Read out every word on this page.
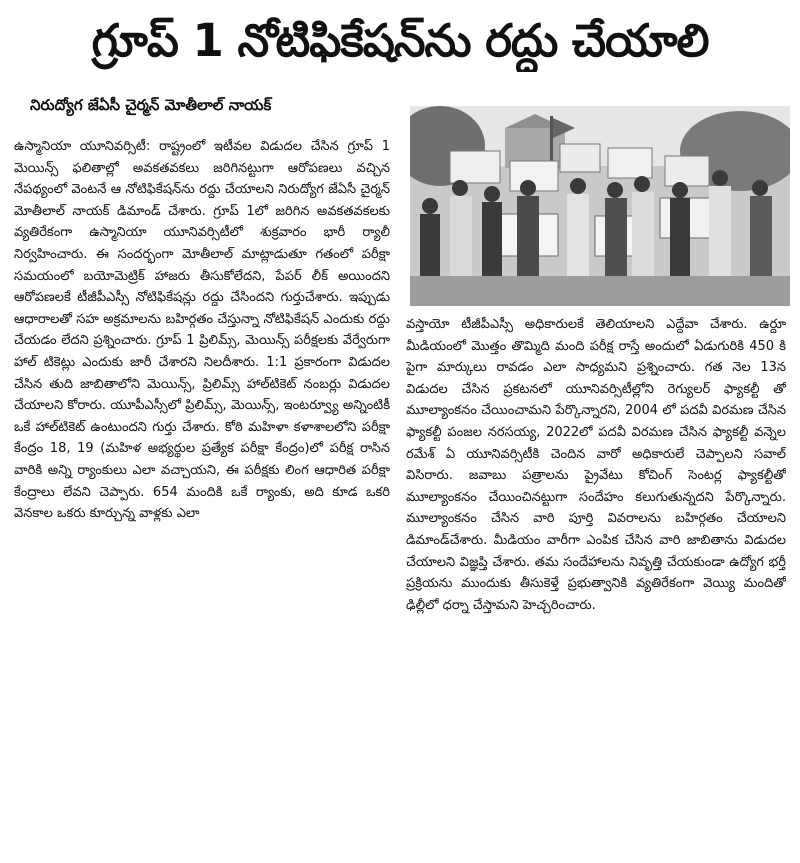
గ్రూప్ 1 నోటిఫికేషన్‌ను రద్దు చేయాలి
నిరుద్యోగ జేఏసీ చైర్మన్ మోతీలాల్ నాయక్
ఉస్మానియా యూనివర్సిటీ: రాష్ట్రంలో ఇటీవల విడుదల చేసిన గ్రూప్ 1 మెయిన్స్ ఫలితాల్లో అవకతవకలు జరిగినట్టుగా ఆరోపణలు వచ్చిన నేపథ్యంలో వెంటనే ఆ నోటిఫికేషన్‌ను రద్దు చేయాలని నిరుద్యోగ జేఏసీ చైర్మన్ మోతీలాల్ నాయక్ డిమాండ్ చేశారు. గ్రూప్ 1లో జరిగిన అవకతవకలకు వ్యతిరేకంగా ఉస్మానియా యూనివర్సిటీలో శుక్రవారం భారీ ర్యాలీ నిర్వహించారు. ఈ సందర్భంగా మోతీలాల్ మాట్లాడుతూ గతంలో పరీక్షా సమయంలో బయోమెట్రిక్ హాజరు తీసుకోలేదని, పేపర్ లీక్ అయిందని ఆరోపణలకే టీజీపీఎస్సీ నోటిఫికేషన్లు రద్దు చేసిందని గుర్తుచేశారు. ఇప్పుడు ఆధారాలతో సహ అక్రమాలను బహిర్గతం చేస్తున్నా నోటిఫికేషన్ ఎందుకు రద్దు చేయడం లేదని ప్రశ్నించారు. గ్రూప్ 1 ప్రిలిమ్స్, మెయిన్స్ పరీక్షలకు వేర్వేరుగా హాల్ టికెట్లు ఎందుకు జారీ చేశారని నిలదీశారు. 1:1 ప్రకారంగా విడుదల చేసిన తుది జాబితాలోని మెయిన్స్, ప్రిలిమ్స్ హాల్‌టికెట్ నంబర్లు విడుదల చేయాలని కోరారు. యూపీఎస్సీలో ప్రిలిమ్స్, మెయిన్స్, ఇంటర్వ్యూ అన్నింటికీ ఒకే హాల్‌టికెట్ ఉంటుందని గుర్తు చేశారు. కోఠి మహిళా కళాశాలలోని పరీక్షా కేంద్రం 18, 19 (మహిళ అభ్యర్థుల ప్రత్యేక పరీక్షా కేంద్రం)లో పరీక్ష రాసిన వారికి అన్ని ర్యాంకులు ఎలా వచ్చాయని, ఈ పరీక్షకు లింగ ఆధారిత పరీక్షా కేంద్రాలు లేవని చెప్పారు. 654 మందికి ఒకే ర్యాంకు, అది కూడ ఒకరి వెనకాల ఒకరు కూర్చున్న వాళ్లకు ఎలా
వస్తాయో టీజీపీఎస్సీ అధికారులకే తెలియాలని ఎద్దేవా చేశారు. ఉర్దూ మీడియంలో మొత్తం తొమ్మిది మంది పరీక్ష రాస్తే అందులో ఏడుగురికి 450 కి పైగా మార్కులు రావడం ఎలా సాధ్యమని ప్రశ్నించారు. గత నెల 13న విడుదల చేసిన ప్రకటనలో యూనివర్సిటీల్లోని రెగ్యులర్ ఫ్యాకల్టీ తో మూల్యాంకనం చేయించామని పేర్కొన్నారని, 2004 లో పదవీ విరమణ చేసిన ఫ్యాకల్టీ పంజల నరసయ్య, 2022లో పదవీ విరమణ చేసిన ఫ్యాకల్టీ వన్నెల రమేశ్ ఏ యూనివర్సిటీకి చెందిన వారో అధికారులే చెప్పాలని సవాల్ విసిరారు. జవాబు పత్రాలను ప్రైవేటు కోచింగ్ సెంటర్ల ఫ్యాకల్టీతో మూల్యాంకనం చేయించినట్టుగా సందేహం కలుగుతున్నదని పేర్కొన్నారు. మూల్యాంకనం చేసిన వారి పూర్తి వివరాలను బహిర్గతం చేయాలని డిమాండ్‌చేశారు. మీడియం వారీగా ఎంపిక చేసిన వారి జాబితాను విడుదల చేయాలని విజ్ఞప్తి చేశారు. తమ సందేహాలను నివృత్తి చేయకుండా ఉద్యోగ భర్తీ ప్రక్రియను ముందుకు తీసుకెళ్తే ప్రభుత్వానికి వ్యతిరేకంగా వెయ్యి మందితో ఢిల్లీలో ధర్నా చేస్తామని హెచ్చరించారు.
